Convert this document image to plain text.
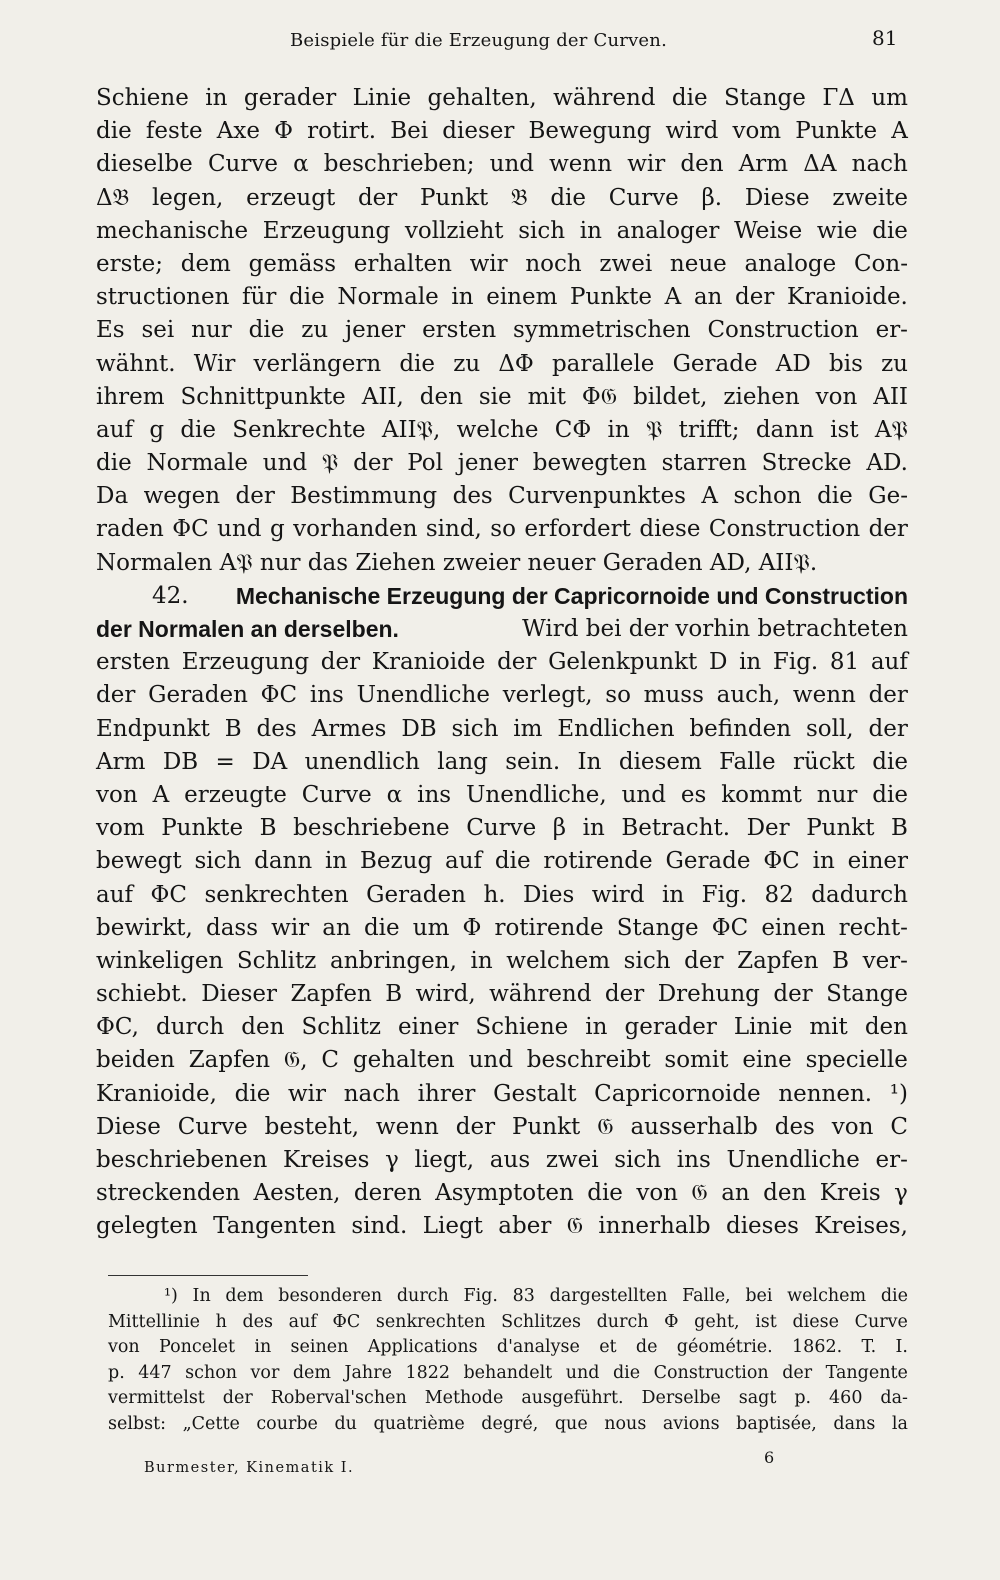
Beispiele für die Erzeugung der Curven.	81
Schiene in gerader Linie gehalten, während die Stange ΓΔ um
die feste Axe Φ rotirt. Bei dieser Bewegung wird vom Punkte A
dieselbe Curve α beschrieben; und wenn wir den Arm ΔA nach
Δ𝔅 legen, erzeugt der Punkt 𝔅 die Curve β. Diese zweite
mechanische Erzeugung vollzieht sich in analoger Weise wie die
erste; dem gemäss erhalten wir noch zwei neue analoge Con-
structionen für die Normale in einem Punkte A an der Kranioide.
Es sei nur die zu jener ersten symmetrischen Construction er-
wähnt. Wir verlängern die zu ΔΦ parallele Gerade AD bis zu
ihrem Schnittpunkte AII, den sie mit Φ𝔊 bildet, ziehen von AII
auf g die Senkrechte AII𝔓, welche CΦ in 𝔓 trifft; dann ist A𝔓
die Normale und 𝔓 der Pol jener bewegten starren Strecke AD.
Da wegen der Bestimmung des Curvenpunktes A schon die Ge-
raden ΦC und g vorhanden sind, so erfordert diese Construction der
Normalen A𝔓 nur das Ziehen zweier neuer Geraden AD, AII𝔓.
42. Mechanische Erzeugung der Capricornoide und Construction
der Normalen an derselben.	Wird bei der vorhin betrachteten
ersten Erzeugung der Kranioide der Gelenkpunkt D in Fig. 81 auf
der Geraden ΦC ins Unendliche verlegt, so muss auch, wenn der
Endpunkt B des Armes DB sich im Endlichen befinden soll, der
Arm DB = DA unendlich lang sein. In diesem Falle rückt die
von A erzeugte Curve α ins Unendliche, und es kommt nur die
vom Punkte B beschriebene Curve β in Betracht. Der Punkt B
bewegt sich dann in Bezug auf die rotirende Gerade ΦC in einer
auf ΦC senkrechten Geraden h. Dies wird in Fig. 82 dadurch
bewirkt, dass wir an die um Φ rotirende Stange ΦC einen recht-
winkeligen Schlitz anbringen, in welchem sich der Zapfen B ver-
schiebt. Dieser Zapfen B wird, während der Drehung der Stange
ΦC, durch den Schlitz einer Schiene in gerader Linie mit den
beiden Zapfen 𝔊, C gehalten und beschreibt somit eine specielle
Kranioide, die wir nach ihrer Gestalt Capricornoide nennen. ¹)
Diese Curve besteht, wenn der Punkt 𝔊 ausserhalb des von C
beschriebenen Kreises γ liegt, aus zwei sich ins Unendliche er-
streckenden Aesten, deren Asymptoten die von 𝔊 an den Kreis γ
gelegten Tangenten sind. Liegt aber 𝔊 innerhalb dieses Kreises,
¹) In dem besonderen durch Fig. 83 dargestellten Falle, bei welchem die
Mittellinie h des auf ΦC senkrechten Schlitzes durch Φ geht, ist diese Curve
von Poncelet in seinen Applications d'analyse et de géométrie. 1862. T. I.
p. 447 schon vor dem Jahre 1822 behandelt und die Construction der Tangente
vermittelst der Roberval'schen Methode ausgeführt. Derselbe sagt p. 460 da-
selbst: „Cette courbe du quatrième degré, que nous avions baptisée, dans la
6
Burmester, Kinematik I.
